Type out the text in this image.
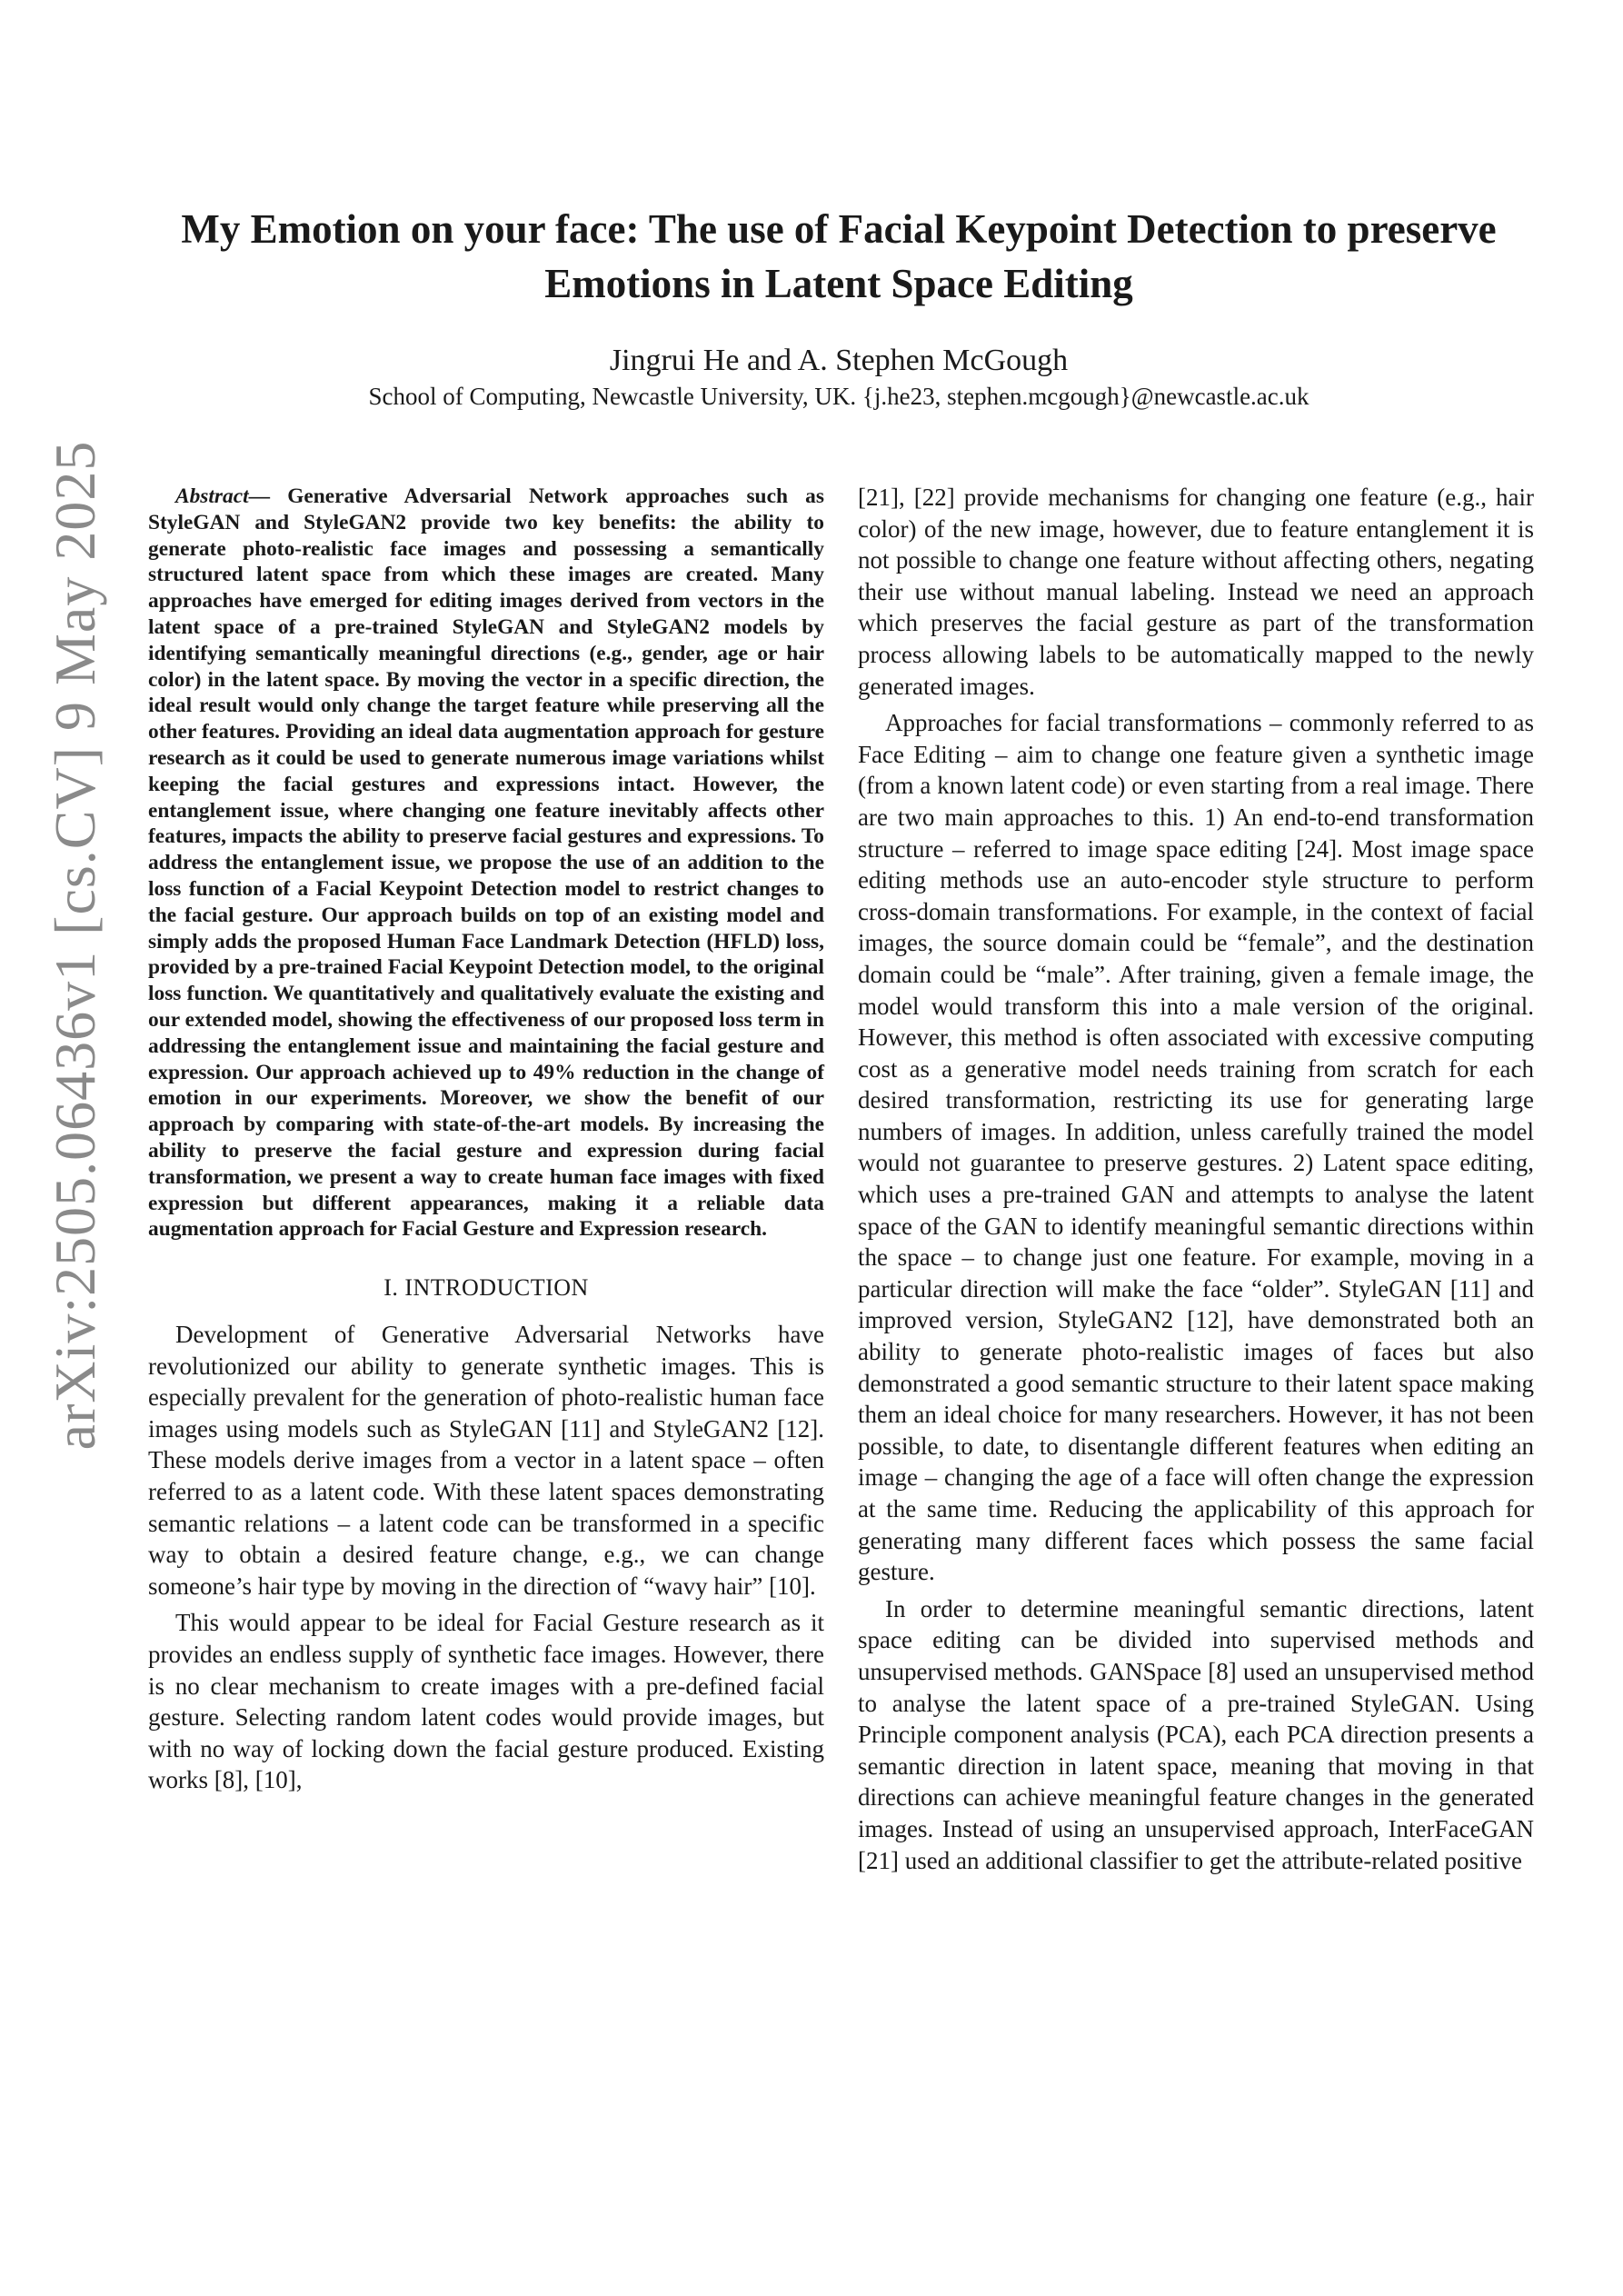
arXiv:2505.06436v1 [cs.CV] 9 May 2025
My Emotion on your face: The use of Facial Keypoint Detection to preserve Emotions in Latent Space Editing

Jingrui He and A. Stephen McGough

School of Computing, Newcastle University, UK. {j.he23, stephen.mcgough}@newcastle.ac.uk

Abstract— Generative Adversarial Network approaches such as StyleGAN and StyleGAN2 provide two key benefits: the ability to generate photo-realistic face images and possessing a semantically structured latent space from which these images are created. Many approaches have emerged for editing images derived from vectors in the latent space of a pre-trained StyleGAN and StyleGAN2 models by identifying semantically meaningful directions (e.g., gender, age or hair color) in the latent space. By moving the vector in a specific direction, the ideal result would only change the target feature while preserving all the other features. Providing an ideal data augmentation approach for gesture research as it could be used to generate numerous image variations whilst keeping the facial gestures and expressions intact. However, the entanglement issue, where changing one feature inevitably affects other features, impacts the ability to preserve facial gestures and expressions. To address the entanglement issue, we propose the use of an addition to the loss function of a Facial Keypoint Detection model to restrict changes to the facial gesture. Our approach builds on top of an existing model and simply adds the proposed Human Face Landmark Detection (HFLD) loss, provided by a pre-trained Facial Keypoint Detection model, to the original loss function. We quantitatively and qualitatively evaluate the existing and our extended model, showing the effectiveness of our proposed loss term in addressing the entanglement issue and maintaining the facial gesture and expression. Our approach achieved up to 49% reduction in the change of emotion in our experiments. Moreover, we show the benefit of our approach by comparing with state-of-the-art models. By increasing the ability to preserve the facial gesture and expression during facial transformation, we present a way to create human face images with fixed expression but different appearances, making it a reliable data augmentation approach for Facial Gesture and Expression research.

I. INTRODUCTION

Development of Generative Adversarial Networks have revolutionized our ability to generate synthetic images. This is especially prevalent for the generation of photo-realistic human face images using models such as StyleGAN [11] and StyleGAN2 [12]. These models derive images from a vector in a latent space – often referred to as a latent code. With these latent spaces demonstrating semantic relations – a latent code can be transformed in a specific way to obtain a desired feature change, e.g., we can change someone’s hair type by moving in the direction of “wavy hair” [10].

This would appear to be ideal for Facial Gesture research as it provides an endless supply of synthetic face images. However, there is no clear mechanism to create images with a pre-defined facial gesture. Selecting random latent codes would provide images, but with no way of locking down the facial gesture produced. Existing works [8], [10],

[21], [22] provide mechanisms for changing one feature (e.g., hair color) of the new image, however, due to feature entanglement it is not possible to change one feature without affecting others, negating their use without manual labeling. Instead we need an approach which preserves the facial gesture as part of the transformation process allowing labels to be automatically mapped to the newly generated images.

Approaches for facial transformations – commonly referred to as Face Editing – aim to change one feature given a synthetic image (from a known latent code) or even starting from a real image. There are two main approaches to this. 1) An end-to-end transformation structure – referred to image space editing [24]. Most image space editing methods use an auto-encoder style structure to perform cross-domain transformations. For example, in the context of facial images, the source domain could be “female”, and the destination domain could be “male”. After training, given a female image, the model would transform this into a male version of the original. However, this method is often associated with excessive computing cost as a generative model needs training from scratch for each desired transformation, restricting its use for generating large numbers of images. In addition, unless carefully trained the model would not guarantee to preserve gestures. 2) Latent space editing, which uses a pre-trained GAN and attempts to analyse the latent space of the GAN to identify meaningful semantic directions within the space – to change just one feature. For example, moving in a particular direction will make the face “older”. StyleGAN [11] and improved version, StyleGAN2 [12], have demonstrated both an ability to generate photo-realistic images of faces but also demonstrated a good semantic structure to their latent space making them an ideal choice for many researchers. However, it has not been possible, to date, to disentangle different features when editing an image – changing the age of a face will often change the expression at the same time. Reducing the applicability of this approach for generating many different faces which possess the same facial gesture.

In order to determine meaningful semantic directions, latent space editing can be divided into supervised methods and unsupervised methods. GANSpace [8] used an unsupervised method to analyse the latent space of a pre-trained StyleGAN. Using Principle component analysis (PCA), each PCA direction presents a semantic direction in latent space, meaning that moving in that directions can achieve meaningful feature changes in the generated images. Instead of using an unsupervised approach, InterFaceGAN [21] used an additional classifier to get the attribute-related positive
